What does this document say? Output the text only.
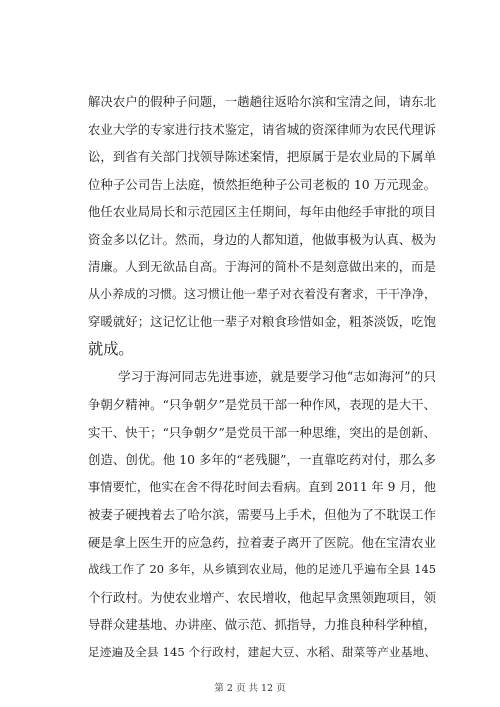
解决农户的假种子问题，一趟趟往返哈尔滨和宝清之间，请东北
农业大学的专家进行技术鉴定，请省城的资深律师为农民代理诉
讼，到省有关部门找领导陈述案情，把原属于是农业局的下属单
位种子公司告上法庭，愤然拒绝种子公司老板的 10 万元现金。
他任农业局局长和示范园区主任期间，每年由他经手审批的项目
资金多以亿计。然而，身边的人都知道，他做事极为认真、极为
清廉。人到无欲品自高。于海河的简朴不是刻意做出来的，而是
从小养成的习惯。这习惯让他一辈子对衣着没有奢求，干干净净，
穿暖就好；这记忆让他一辈子对粮食珍惜如金，粗茶淡饭，吃饱
就成。
学习于海河同志先进事迹，就是要学习他“志如海河”的只
争朝夕精神。“只争朝夕”是党员干部一种作风，表现的是大干、
实干、快干；“只争朝夕”是党员干部一种思维，突出的是创新、
创造、创优。他 10 多年的“老残腿”，一直靠吃药对付，那么多
事情要忙，他实在舍不得花时间去看病。直到 2011 年 9 月，他
被妻子硬拽着去了哈尔滨，需要马上手术，但他为了不耽误工作
硬是拿上医生开的应急药，拉着妻子离开了医院。他在宝清农业
战线工作了 20 多年，从乡镇到农业局，他的足迹几乎遍布全县 145
个行政村。为使农业增产、农民增收，他起早贪黑领跑项目，领
导群众建基地、办讲座、做示范、抓指导，力推良种科学种植，
足迹遍及全县 145 个行政村，建起大豆、水稻、甜菜等产业基地、
第 2 页 共 12 页
